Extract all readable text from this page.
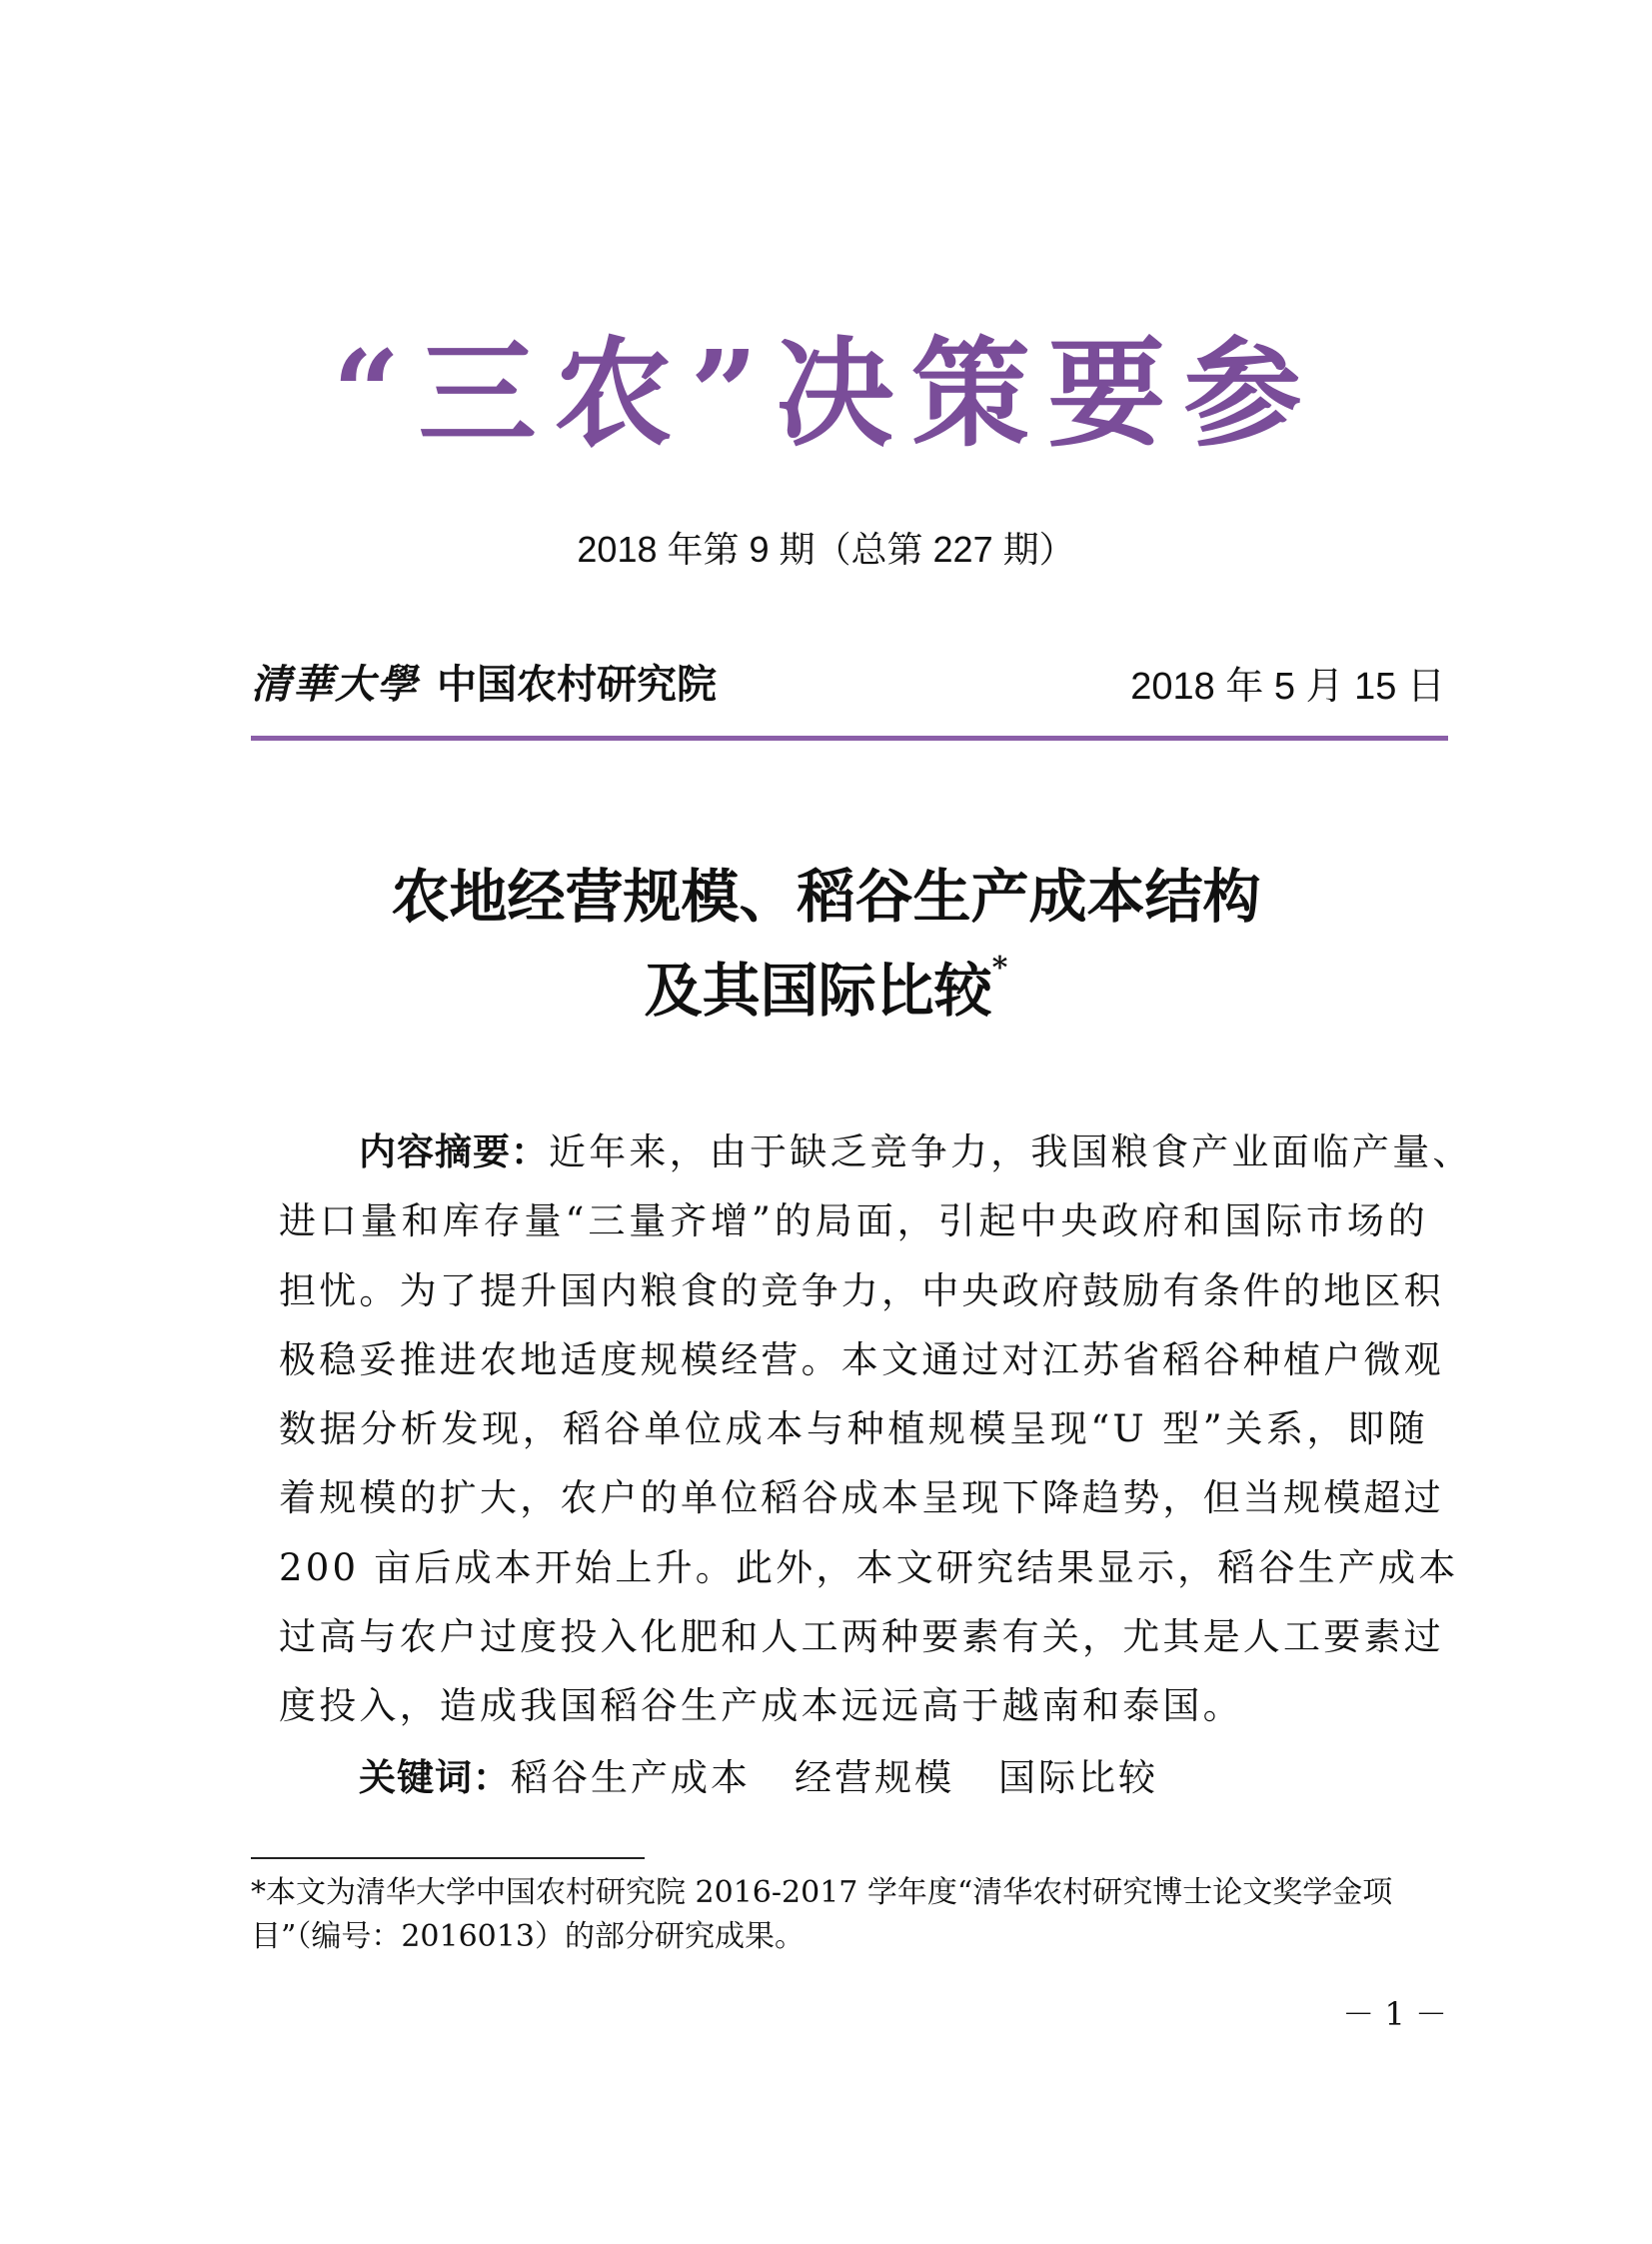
“三农”决策要参
2018 年第 9 期（总第 227 期）
清華大學 中国农村研究院	2018 年 5 月 15 日
农地经营规模、稻谷生产成本结构
及其国际比较*
内容摘要：近年来，由于缺乏竞争力，我国粮食产业面临产量、
进口量和库存量“三量齐增”的局面，引起中央政府和国际市场的
担忧。为了提升国内粮食的竞争力，中央政府鼓励有条件的地区积
极稳妥推进农地适度规模经营。本文通过对江苏省稻谷种植户微观
数据分析发现，稻谷单位成本与种植规模呈现“U 型”关系，即随
着规模的扩大，农户的单位稻谷成本呈现下降趋势，但当规模超过
200 亩后成本开始上升。此外，本文研究结果显示，稻谷生产成本
过高与农户过度投入化肥和人工两种要素有关，尤其是人工要素过
度投入，造成我国稻谷生产成本远远高于越南和泰国。
关键词：稻谷生产成本 经营规模 国际比较
*本文为清华大学中国农村研究院 2016-2017 学年度“清华农村研究博士论文奖学金项目”（编号：2016013）的部分研究成果。
－ 1 －
